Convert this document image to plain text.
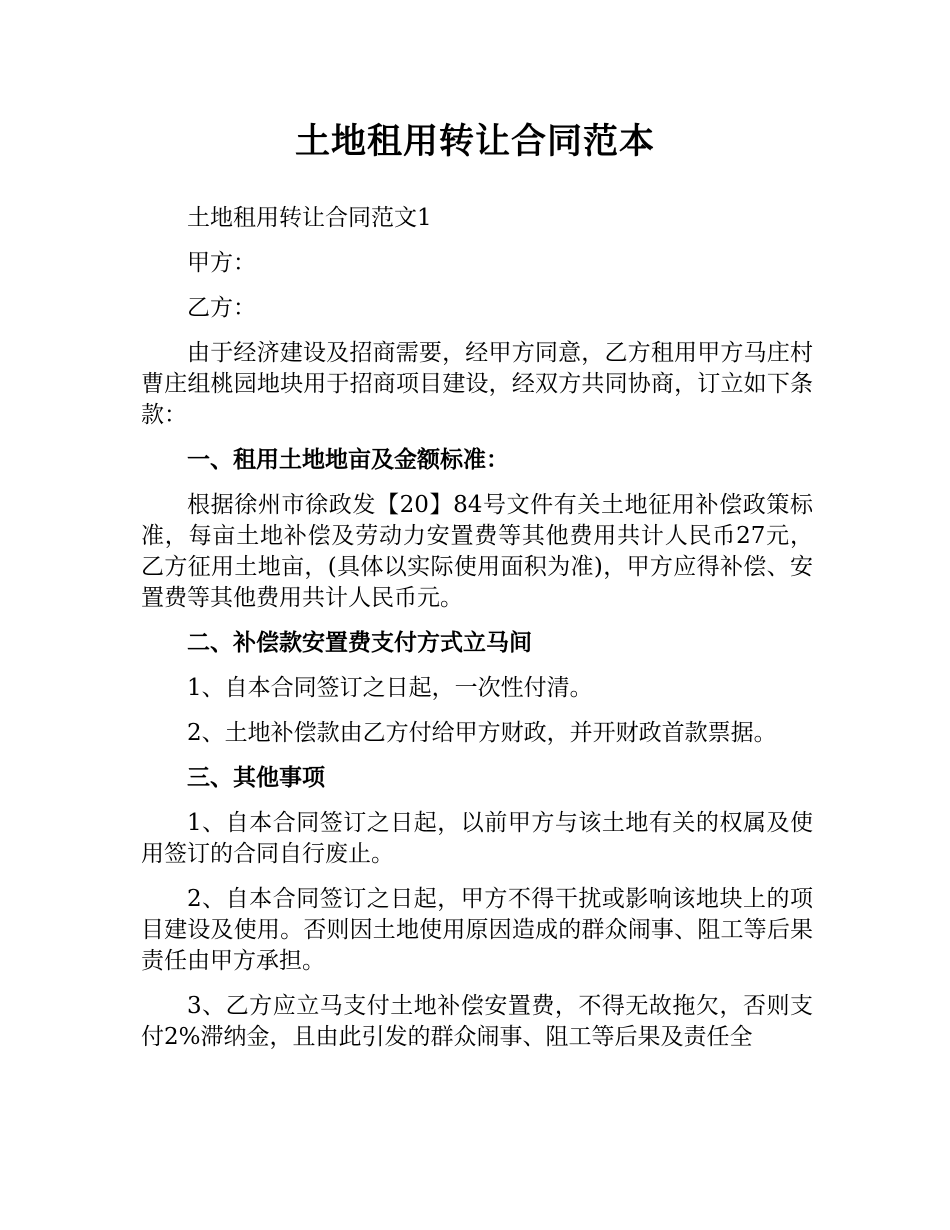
土地租用转让合同范本

土地租用转让合同范文1

甲方：

乙方：

由于经济建设及招商需要，经甲方同意，乙方租用甲方马庄村曹庄组桃园地块用于招商项目建设，经双方共同协商，订立如下条款：

一、租用土地地亩及金额标准：

根据徐州市徐政发【20】84号文件有关土地征用补偿政策标准，每亩土地补偿及劳动力安置费等其他费用共计人民币27元，乙方征用土地亩，(具体以实际使用面积为准)，甲方应得补偿、安置费等其他费用共计人民币元。

二、补偿款安置费支付方式立马间

1、自本合同签订之日起，一次性付清。

2、土地补偿款由乙方付给甲方财政，并开财政首款票据。

三、其他事项

1、自本合同签订之日起，以前甲方与该土地有关的权属及使用签订的合同自行废止。

2、自本合同签订之日起，甲方不得干扰或影响该地块上的项目建设及使用。否则因土地使用原因造成的群众闹事、阻工等后果责任由甲方承担。

3、乙方应立马支付土地补偿安置费，不得无故拖欠，否则支付2%滞纳金，且由此引发的群众闹事、阻工等后果及责任全
